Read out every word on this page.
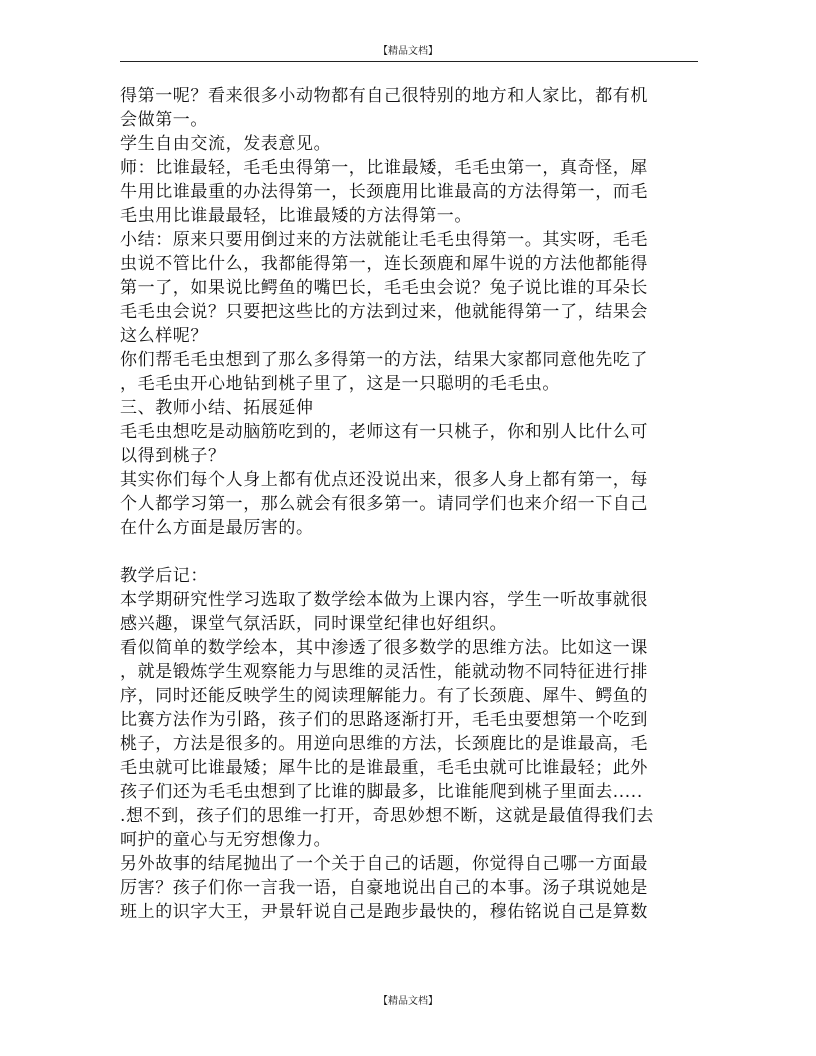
【精品文档】

得第一呢？看来很多小动物都有自己很特别的地方和人家比，都有机

会做第一。

学生自由交流，发表意见。

师：比谁最轻，毛毛虫得第一，比谁最矮，毛毛虫第一，真奇怪，犀

牛用比谁最重的办法得第一，长颈鹿用比谁最高的方法得第一，而毛

毛虫用比谁最最轻，比谁最矮的方法得第一。

小结：原来只要用倒过来的方法就能让毛毛虫得第一。其实呀，毛毛

虫说不管比什么，我都能得第一，连长颈鹿和犀牛说的方法他都能得

第一了，如果说比鳄鱼的嘴巴长，毛毛虫会说？兔子说比谁的耳朵长

毛毛虫会说？只要把这些比的方法到过来，他就能得第一了，结果会

这么样呢？

你们帮毛毛虫想到了那么多得第一的方法，结果大家都同意他先吃了

，毛毛虫开心地钻到桃子里了，这是一只聪明的毛毛虫。

三、教师小结、拓展延伸

毛毛虫想吃是动脑筋吃到的，老师这有一只桃子，你和别人比什么可

以得到桃子？

其实你们每个人身上都有优点还没说出来，很多人身上都有第一，每

个人都学习第一，那么就会有很多第一。请同学们也来介绍一下自己

在什么方面是最厉害的。

教学后记：

本学期研究性学习选取了数学绘本做为上课内容，学生一听故事就很

感兴趣，课堂气氛活跃，同时课堂纪律也好组织。

看似简单的数学绘本，其中渗透了很多数学的思维方法。比如这一课

，就是锻炼学生观察能力与思维的灵活性，能就动物不同特征进行排

序，同时还能反映学生的阅读理解能力。有了长颈鹿、犀牛、鳄鱼的

比赛方法作为引路，孩子们的思路逐渐打开，毛毛虫要想第一个吃到

桃子，方法是很多的。用逆向思维的方法，长颈鹿比的是谁最高，毛

毛虫就可比谁最矮；犀牛比的是谁最重，毛毛虫就可比谁最轻；此外

孩子们还为毛毛虫想到了比谁的脚最多，比谁能爬到桃子里面去.....

.想不到，孩子们的思维一打开，奇思妙想不断，这就是最值得我们去

呵护的童心与无穷想像力。

另外故事的结尾抛出了一个关于自己的话题，你觉得自己哪一方面最

厉害？孩子们你一言我一语，自豪地说出自己的本事。汤子琪说她是

班上的识字大王，尹景轩说自己是跑步最快的，穆佑铭说自己是算数

【精品文档】
